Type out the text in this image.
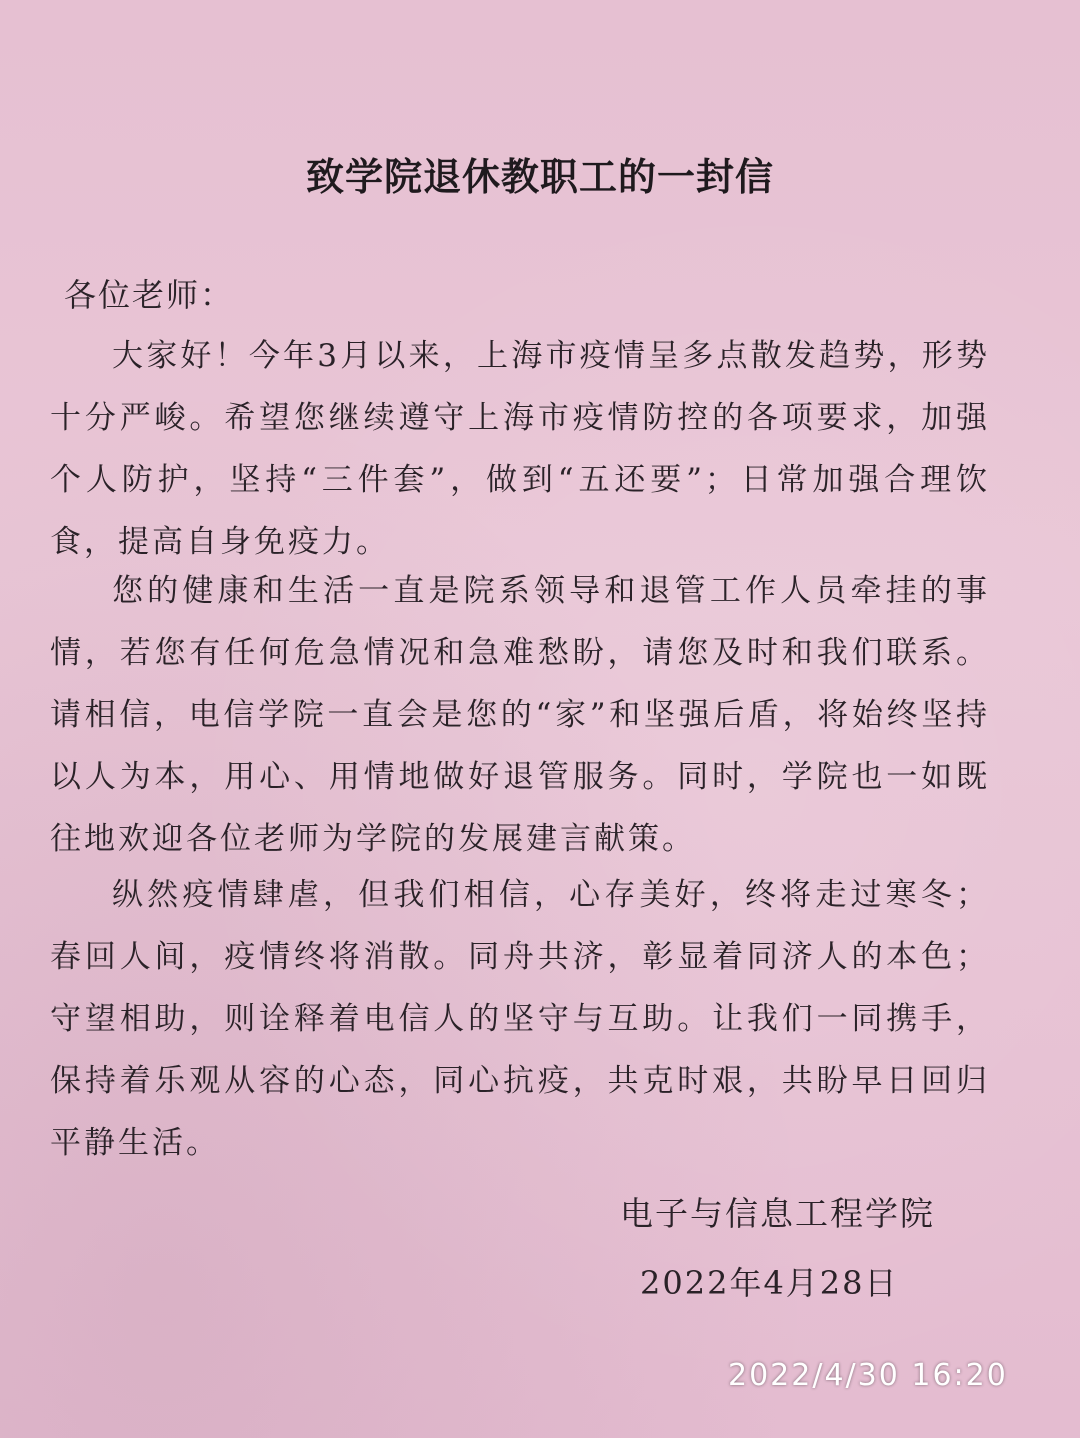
致学院退休教职工的一封信
各位老师：

大家好！今年3月以来，上海市疫情呈多点散发趋势，形势十分严峻。希望您继续遵守上海市疫情防控的各项要求，加强个人防护，坚持“三件套”，做到“五还要”；日常加强合理饮食，提高自身免疫力。

您的健康和生活一直是院系领导和退管工作人员牵挂的事情，若您有任何危急情况和急难愁盼，请您及时和我们联系。请相信，电信学院一直会是您的“家”和坚强后盾，将始终坚持以人为本，用心、用情地做好退管服务。同时，学院也一如既往地欢迎各位老师为学院的发展建言献策。

纵然疫情肆虐，但我们相信，心存美好，终将走过寒冬；春回人间，疫情终将消散。同舟共济，彰显着同济人的本色；守望相助，则诠释着电信人的坚守与互助。让我们一同携手，保持着乐观从容的心态，同心抗疫，共克时艰，共盼早日回归平静生活。

电子与信息工程学院
2022年4月28日
2022/4/30 16:20
